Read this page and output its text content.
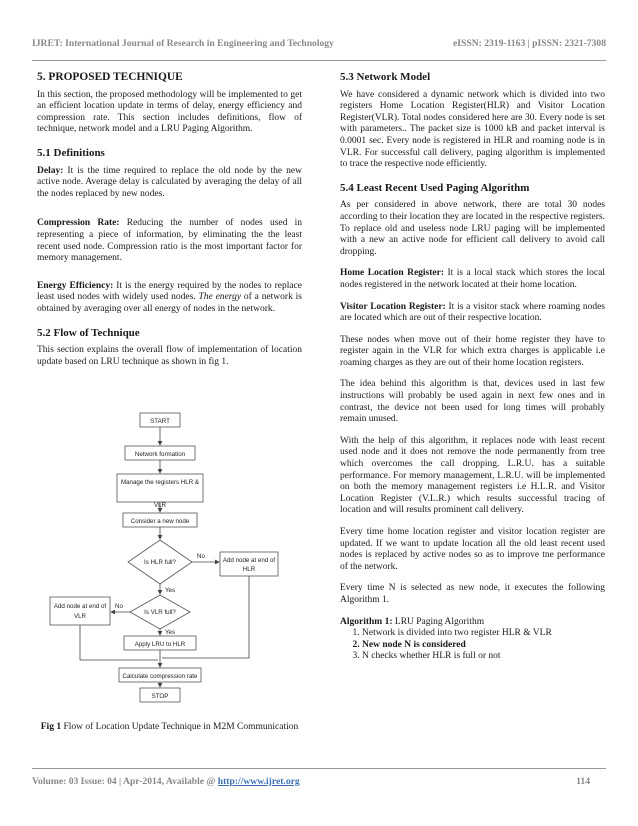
IJRET: International Journal of Research in Engineering and Technology	eISSN: 2319-1163 | pISSN: 2321-7308
5. PROPOSED TECHNIQUE

In this section, the proposed methodology will be implemented to get an efficient location update in terms of delay, energy efficiency and compression rate. This section includes definitions, flow of technique, network model and a LRU Paging Algorithm.

5.1 Definitions

Delay: It is the time required to replace the old node by the new active node. Average delay is calculated by averaging the delay of all the nodes replaced by new nodes.

Compression Rate: Reducing the number of nodes used in representing a piece of information, by eliminating the the least recent used node. Compression ratio is the most important factor for memory management.

Energy Efficiency: It is the energy required by the nodes to replace least used nodes with widely used nodes. The energy of a network is obtained by averaging over all energy of nodes in the network.

5.2 Flow of Technique

This section explains the overall flow of implementation of location update based on LRU technique as shown in fig 1.

START
Network formation
Manage the registers HLR &
VLR
Consider a new node
Is HLR full?
No
Add node at end of
HLR
Yes
Is VLR full?
No
Add node at end of
VLR
Yes
Apply LRU to HLR
Calculate compression rate
STOP
Fig 1 Flow of Location Update Technique in M2M Communication
5.3 Network Model

We have considered a dynamic network which is divided into two registers Home Location Register(HLR) and Visitor Location Register(VLR). Total nodes considered here are 30. Every node is set with parameters.. The packet size is 1000 kB and packet interval is 0.0001 sec. Every node is registered in HLR and roaming node is in VLR. For successful call delivery, paging algorithm is implemented to trace the respective node efficiently.

5.4 Least Recent Used Paging Algorithm

As per considered in above network, there are total 30 nodes according to their location they are located in the respective registers. To replace old and useless node LRU paging will be implemented with a new an active node for efficient call delivery to avoid call dropping.

Home Location Register: It is a local stack which stores the local nodes registered in the network located at their home location.

Visitor Location Register: It is a visitor stack where roaming nodes are located which are out of their respective location.

These nodes when move out of their home register they have to register again in the VLR for which extra charges is applicable i.e roaming charges as they are out of their home location registers.

The idea behind this algorithm is that, devices used in last few instructions will probably be used again in next few ones and in contrast, the device not been used for long times will probably remain unused.

With the help of this algorithm, it replaces node with least recent used node and it does not remove the node permanently from tree which overcomes the call dropping. L.R.U. has a suitable performance. For memory management, L.R.U. will be implemented on both the memory management registers i.e H.L.R. and Visitor Location Register (V.L.R.) which results successful tracing of location and will results prominent call delivery.

Every time home location register and visitor location register are updated. If we want to update location all the old least recent used nodes is replaced by active nodes so as to improve tne performance of the network.

Every time N is selected as new node, it executes the following Algorithm 1.

Algorithm 1: LRU Paging Algorithm
1. Network is divided into two register HLR & VLR
2. New node N is considered
3. N checks whether HLR is full or not
Volume: 03 Issue: 04 | Apr-2014, Available @ http://www.ijret.org	114
